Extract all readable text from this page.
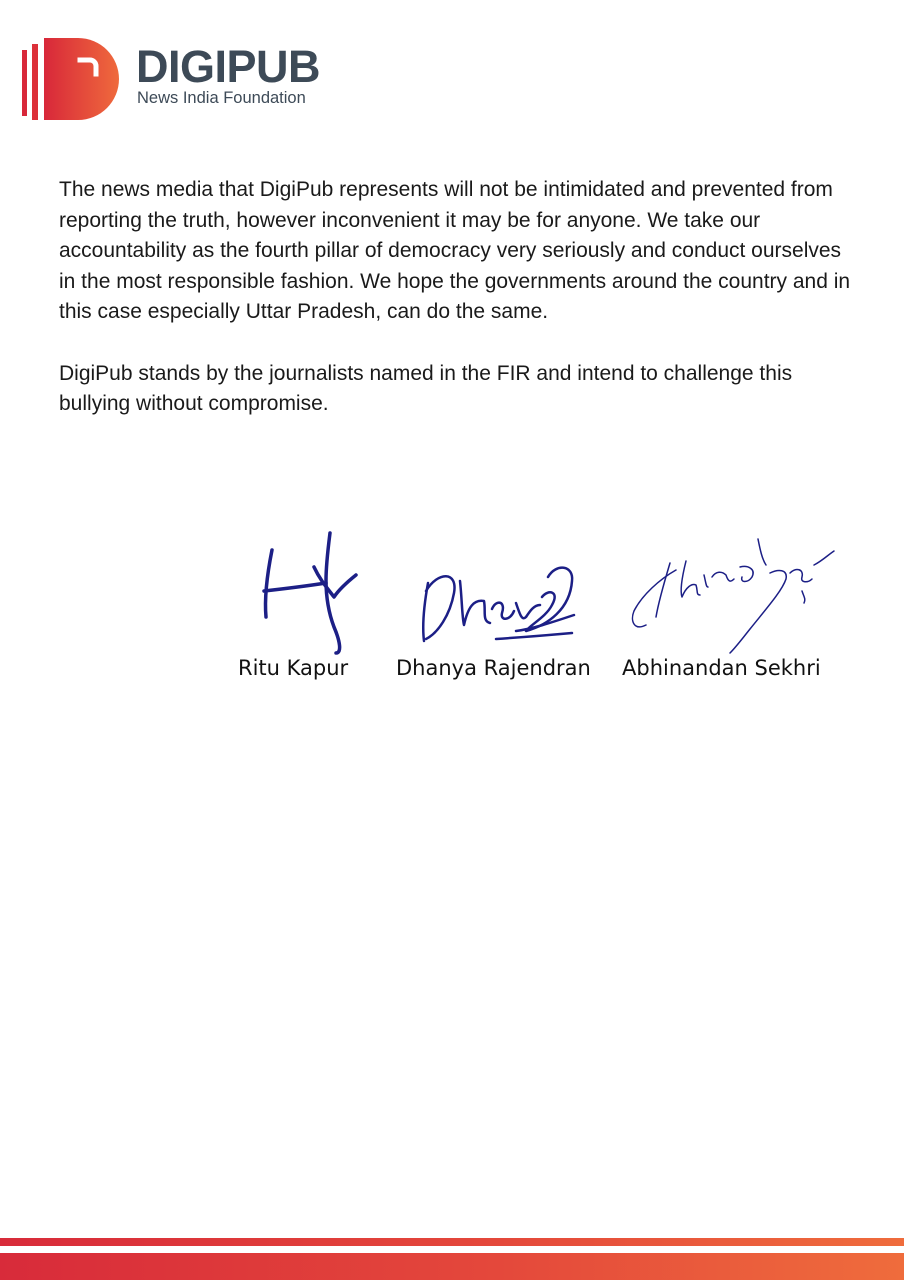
DIGIPUB
News India Foundation

The news media that DigiPub represents will not be intimidated and prevented from reporting the truth, however inconvenient it may be for anyone. We take our accountability as the fourth pillar of democracy very seriously and conduct ourselves in the most responsible fashion. We hope the governments around the country and in this case especially Uttar Pradesh, can do the same.

DigiPub stands by the journalists named in the FIR and intend to challenge this bullying without compromise.

Ritu Kapur Dhanya Rajendran Abhinandan Sekhri
